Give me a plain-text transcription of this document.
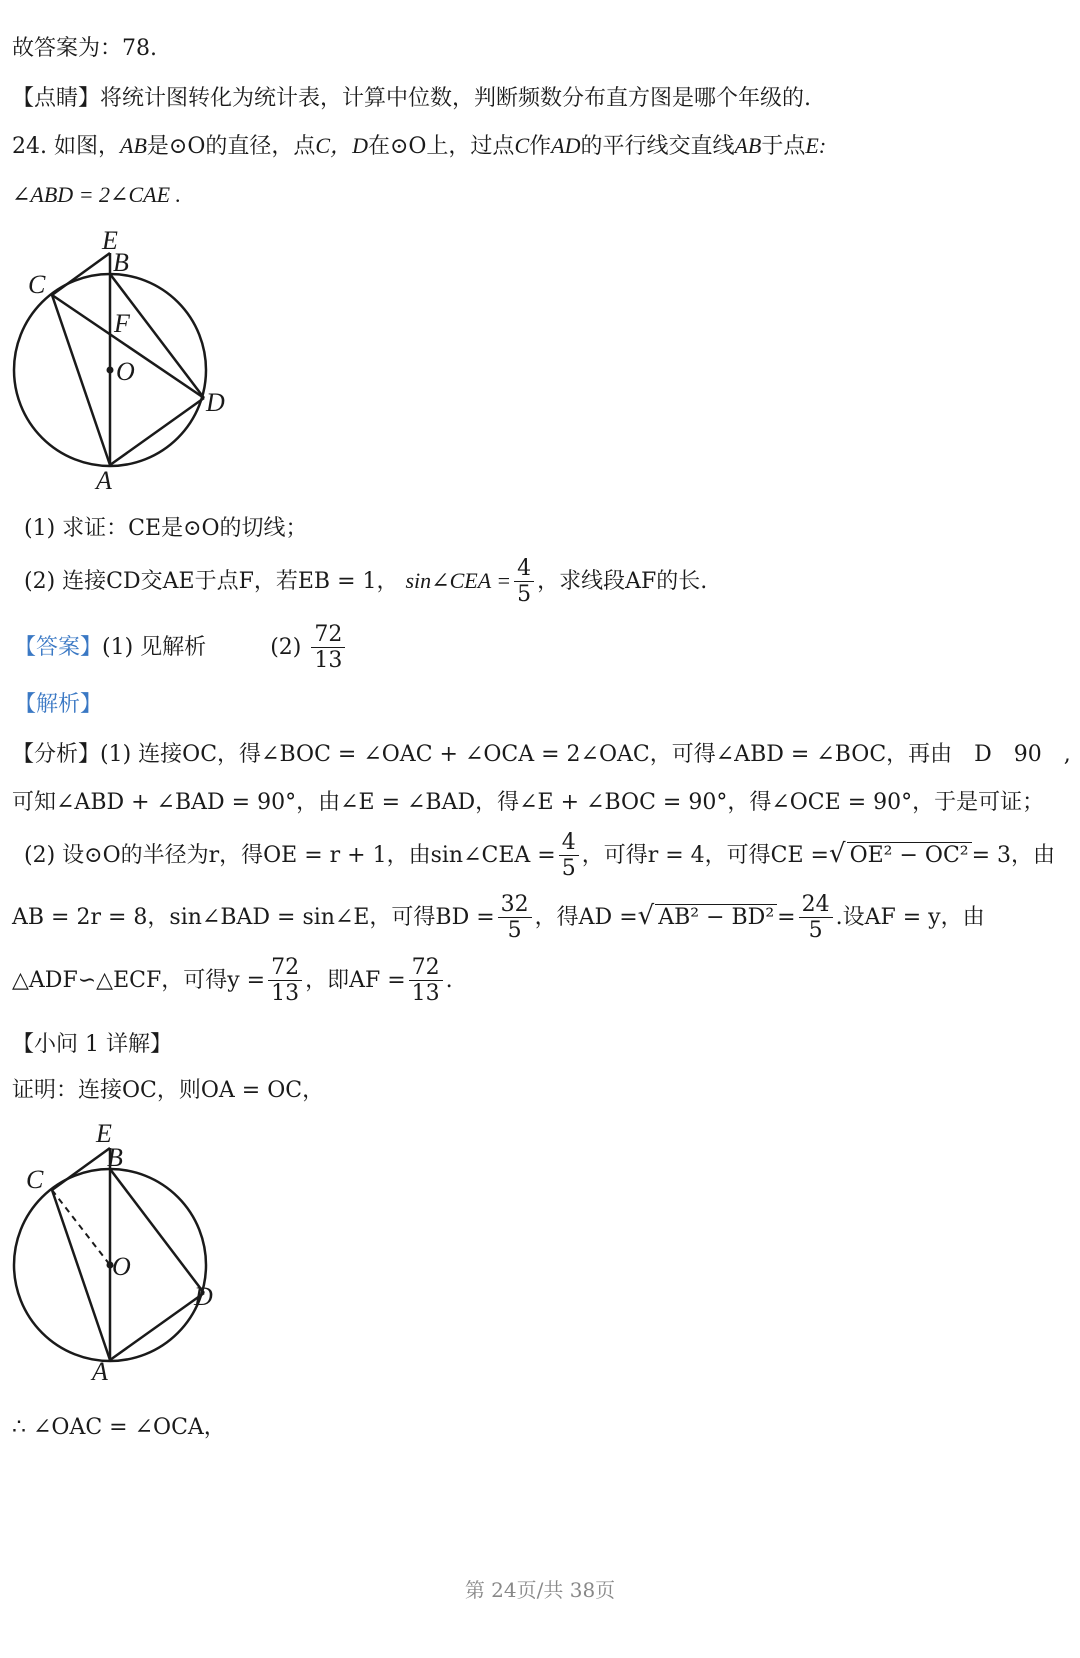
故答案为：78.
【点睛】将统计图转化为统计表，计算中位数，判断频数分布直方图是哪个年级的.
24. 如图，AB是⊙O的直径，点C，D在⊙O上，过点C作AD的平行线交直线AB于点E:
∠ABD = 2∠CAE .
E
B
C
F
O
D
A
(1) 求证：CE是⊙O的切线；
(2) 连接CD交AE于点F，若EB = 1， sin∠CEA = $\frac{4}{5}$ ，求线段AF的长.
【答案】(1) 见解析	$(2) \frac{72}{13}$
【解析】
【分析】(1) 连接OC，得∠BOC = ∠OAC + ∠OCA = 2∠OAC，可得∠ABD = ∠BOC，再由　D　90　,
可知∠ABD + ∠BAD = 90°，由∠E = ∠BAD，得∠E + ∠BOC = 90°，得∠OCE = 90°，于是可证；
(2) 设⊙O的半径为r，得OE = r + 1，由sin∠CEA = $\frac{4}{5}$ ，可得r = 4，可得CE =√ OE² − OC² = 3，由
AB = 2r = 8，sin∠BAD = sin∠E，可得BD = $\frac{32}{5}$ ，得AD =√ $AB^2 - BD^2 = \frac{24}{5}$ .设AF = y，由
△ADF∽△ECF，可得$y = \frac{72}{13}$ ，即AF = $\frac{72}{13}$ .
【小问 1 详解】
证明：连接OC，则OA = OC，
E
B
C
O
D
A
∴ ∠OAC = ∠OCA，
第 24页/共 38页
